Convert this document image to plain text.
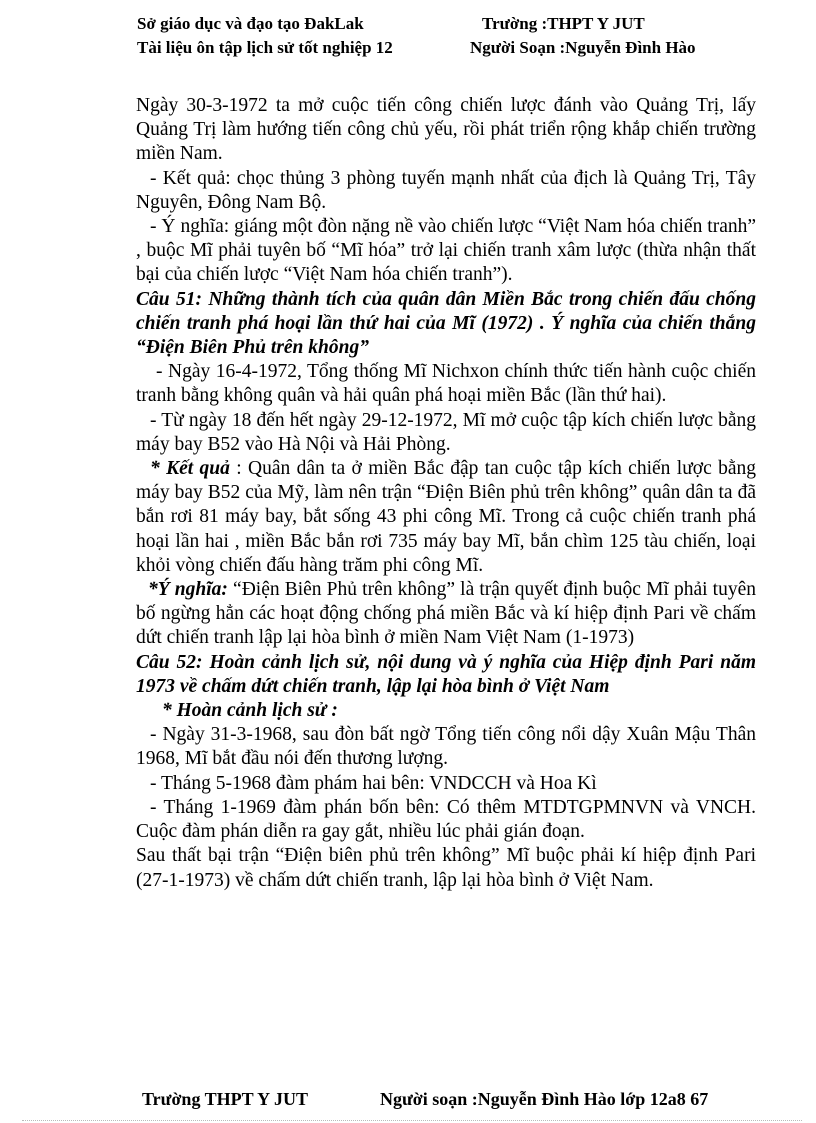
Sở giáo dục và đạo tạo ĐakLak	Trường :THPT Y JUT
Tài liệu ôn tập lịch sử tốt nghiệp 12	Người Soạn :Nguyễn Đình Hào

Ngày 30-3-1972 ta mở cuộc tiến công chiến lược đánh vào Quảng Trị, lấy Quảng Trị làm hướng tiến công chủ yếu, rồi phát triển rộng khắp chiến trường miền Nam.

- Kết quả: chọc thủng 3 phòng tuyến mạnh nhất của địch là Quảng Trị, Tây Nguyên, Đông Nam Bộ.

- Ý nghĩa: giáng một đòn nặng nề vào chiến lược “Việt Nam hóa chiến tranh” , buộc Mĩ phải tuyên bố “Mĩ hóa” trở lại chiến tranh xâm lược (thừa nhận thất bại của chiến lược “Việt Nam hóa chiến tranh”).

Câu 51: Những thành tích của quân dân Miền Bắc trong chiến đấu chống chiến tranh phá hoại lần thứ hai của Mĩ (1972) . Ý nghĩa của chiến thắng “Điện Biên Phủ trên không”

- Ngày 16-4-1972, Tổng thống Mĩ Nichxon chính thức tiến hành cuộc chiến tranh bằng không quân và hải quân phá hoại miền Bắc (lần thứ hai).

- Từ ngày 18 đến hết ngày 29-12-1972, Mĩ mở cuộc tập kích chiến lược bằng máy bay B52 vào Hà Nội và Hải Phòng.

* Kết quả : Quân dân ta ở miền Bắc đập tan cuộc tập kích chiến lược bằng máy bay B52 của Mỹ, làm nên trận “Điện Biên phủ trên không” quân dân ta đã bắn rơi 81 máy bay, bắt sống 43 phi công Mĩ. Trong cả cuộc chiến tranh phá hoại lần hai , miền Bắc bắn rơi 735 máy bay Mĩ, bắn chìm 125 tàu chiến, loại khỏi vòng chiến đấu hàng trăm phi công Mĩ.

*Ý nghĩa: “Điện Biên Phủ trên không” là trận quyết định buộc Mĩ phải tuyên bố ngừng hẳn các hoạt động chống phá miền Bắc và kí hiệp định Pari về chấm dứt chiến tranh lập lại hòa bình ở miền Nam Việt Nam (1-1973)

Câu 52: Hoàn cảnh lịch sử, nội dung và ý nghĩa của Hiệp định Pari năm 1973 về chấm dứt chiến tranh, lập lại hòa bình ở Việt Nam

* Hoàn cảnh lịch sử :

- Ngày 31-3-1968, sau đòn bất ngờ Tổng tiến công nổi dậy Xuân Mậu Thân 1968, Mĩ bắt đầu nói đến thương lượng.

- Tháng 5-1968 đàm phám hai bên: VNDCCH và Hoa Kì

- Tháng 1-1969 đàm phán bốn bên: Có thêm MTDTGPMNVN và VNCH. Cuộc đàm phán diễn ra gay gắt, nhiều lúc phải gián đoạn.

Sau thất bại trận “Điện biên phủ trên không” Mĩ buộc phải kí hiệp định Pari (27-1-1973) về chấm dứt chiến tranh, lập lại hòa bình ở Việt Nam.

Trường THPT Y JUT	Người soạn :Nguyễn Đình Hào lớp 12a8 67
